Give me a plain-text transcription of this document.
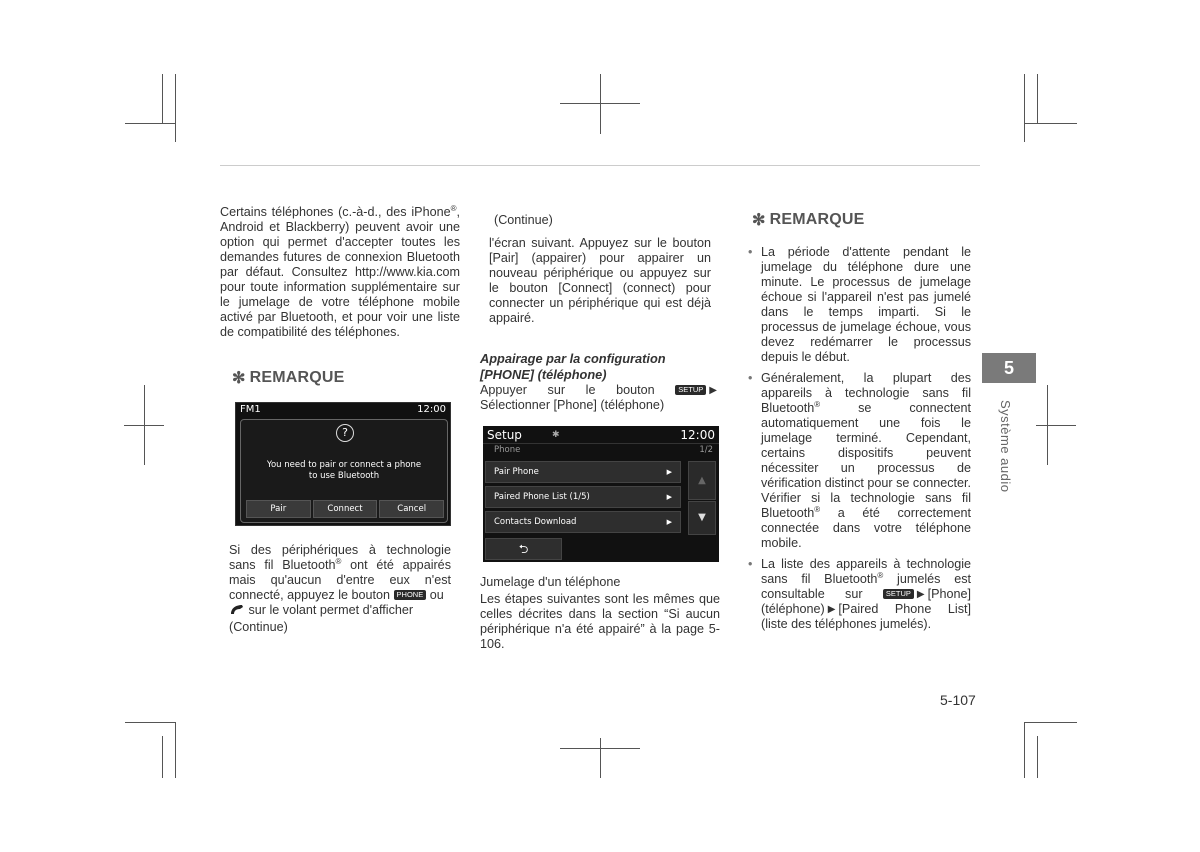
Certains téléphones (c.-à-d., des iPhone®, Android et Blackberry) peuvent avoir une option qui permet d'accepter toutes les demandes futures de connexion Bluetooth par défaut. Consultez http://www.kia.com pour toute information supplémentaire sur le jumelage de votre téléphone mobile activé par Bluetooth, et pour voir une liste de compatibilité des téléphones.

✻ REMARQUE
FM1	12:00
?
You need to pair or connect a phone
to use Bluetooth
Pair	Connect	Cancel

Si des périphériques à technologie sans fil Bluetooth® ont été appairés mais qu'aucun d'entre eux n'est connecté, appuyez le bouton PHONE ou
sur le volant permet d'afficher

(Continue)

(Continue)

l'écran suivant. Appuyez sur le bouton [Pair] (appairer) pour appairer un nouveau périphérique ou appuyez sur le bouton [Connect] (connect) pour connecter un périphérique qui est déjà appairé.

Appairage par la configuration [PHONE] (téléphone)

Appuyer sur le bouton SETUP ▶Sélectionner [Phone] (téléphone)

Setup	✱	12:00
Phone	1/2
Pair Phone	▶
Paired Phone List (1/5)	▶
Contacts Download	▶
▲
▼
⮌

Jumelage d'un téléphone

Les étapes suivantes sont les mêmes que celles décrites dans la section “Si aucun périphérique n'a été appairé” à la page 5-106.

✻ REMARQUE
• La période d'attente pendant le jumelage du téléphone dure une minute. Le processus de jumelage échoue si l'appareil n'est pas jumelé dans le temps imparti. Si le processus de jumelage échoue, vous devez redémarrer le processus depuis le début.
• Généralement, la plupart des appareils à technologie sans fil Bluetooth® se connectent automatiquement une fois le jumelage terminé. Cependant, certains dispositifs peuvent nécessiter un processus de vérification distinct pour se connecter. Vérifier si la technologie sans fil Bluetooth® a été correctement connectée dans votre téléphone mobile.
• La liste des appareils à technologie sans fil Bluetooth® jumelés est consultable sur SETUP ▶ [Phone] (téléphone) ▶ [Paired Phone List] (liste des téléphones jumelés).
5
Système audio
5-107
